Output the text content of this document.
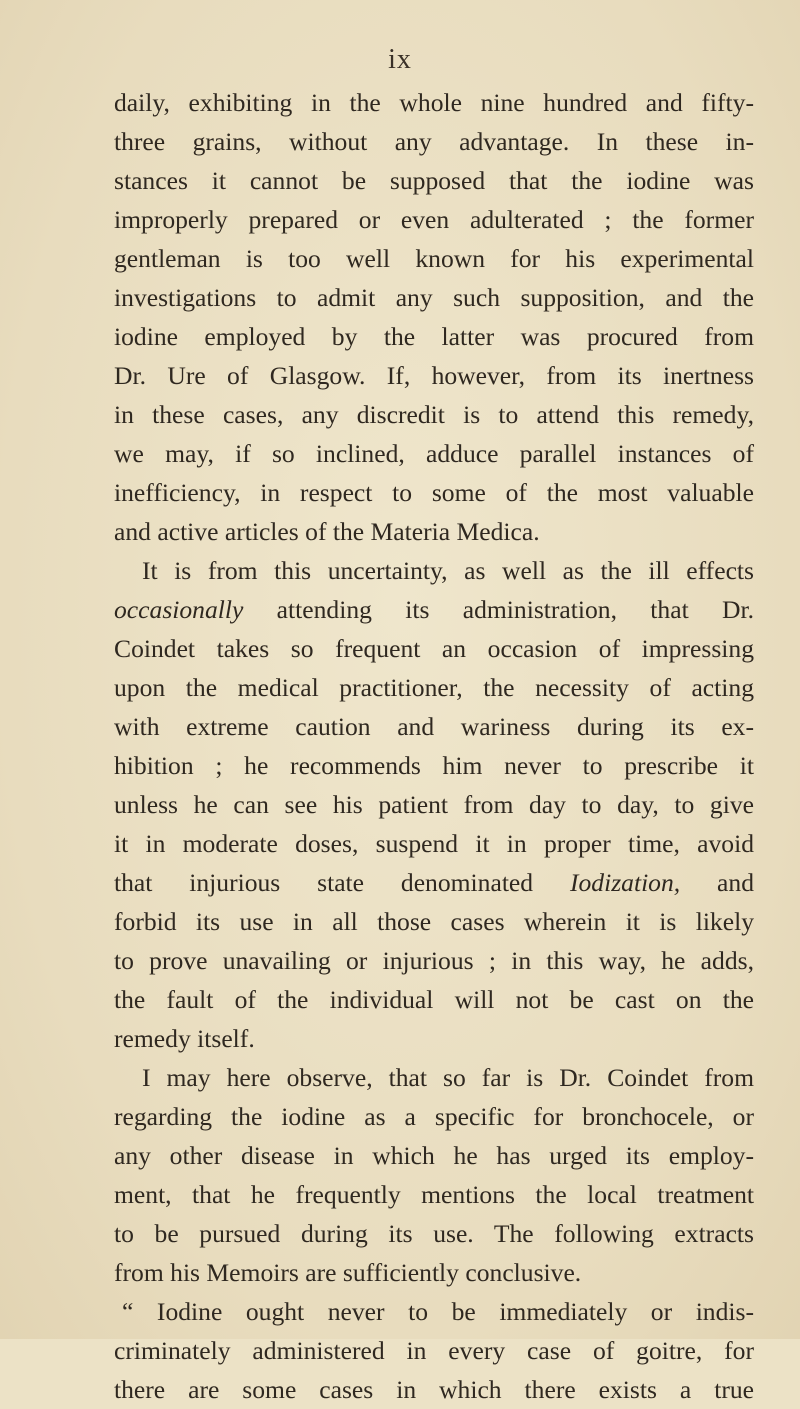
ix
daily, exhibiting in the whole nine hundred and fifty-
three grains, without any advantage. In these in-
stances it cannot be supposed that the iodine was
improperly prepared or even adulterated ; the former
gentleman is too well known for his experimental
investigations to admit any such supposition, and the
iodine employed by the latter was procured from
Dr. Ure of Glasgow. If, however, from its inertness
in these cases, any discredit is to attend this remedy,
we may, if so inclined, adduce parallel instances of
inefficiency, in respect to some of the most valuable
and active articles of the Materia Medica.
It is from this uncertainty, as well as the ill effects
occasionally attending its administration, that Dr.
Coindet takes so frequent an occasion of impressing
upon the medical practitioner, the necessity of acting
with extreme caution and wariness during its ex-
hibition ; he recommends him never to prescribe it
unless he can see his patient from day to day, to give
it in moderate doses, suspend it in proper time, avoid
that injurious state denominated Iodization, and
forbid its use in all those cases wherein it is likely
to prove unavailing or injurious ; in this way, he adds,
the fault of the individual will not be cast on the
remedy itself.
I may here observe, that so far is Dr. Coindet from
regarding the iodine as a specific for bronchocele, or
any other disease in which he has urged its employ-
ment, that he frequently mentions the local treatment
to be pursued during its use. The following extracts
from his Memoirs are sufficiently conclusive.
“ Iodine ought never to be immediately or indis-
criminately administered in every case of goitre, for
there are some cases in which there exists a true
